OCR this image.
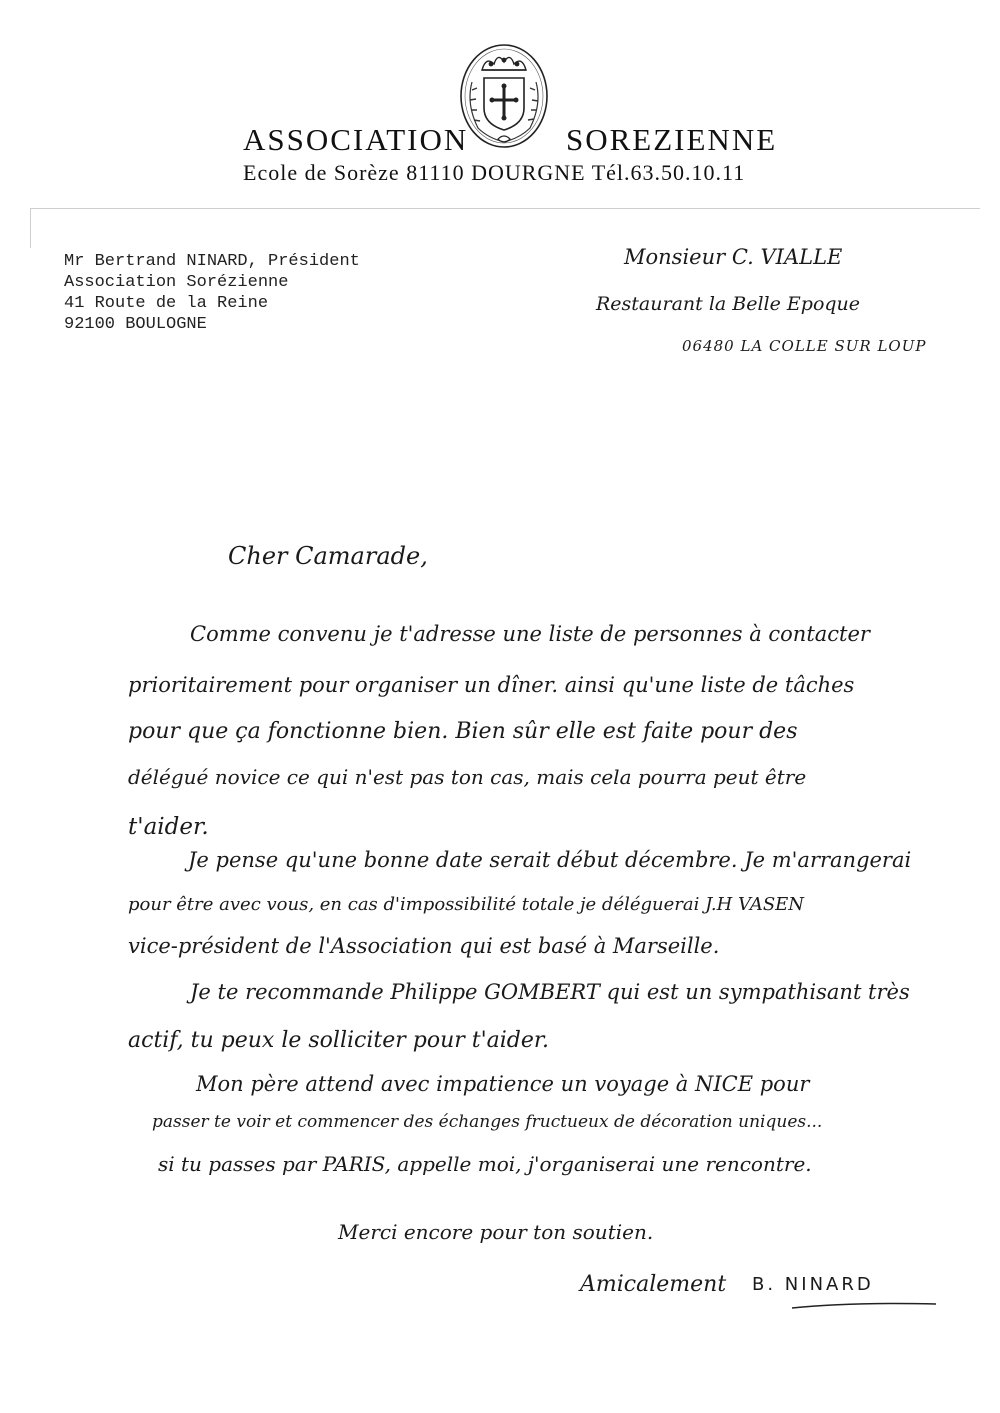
ASSOCIATION	SOREZIENNE
Ecole de Sorèze 81110 DOURGNE Tél.63.50.10.11
Mr Bertrand NINARD, Président
Association Sorézienne
41 Route de la Reine
92100 BOULOGNE
Monsieur C. VIALLE
Restaurant la Belle Epoque
06480 LA COLLE SUR LOUP
Cher Camarade,
Comme convenu je t'adresse une liste de personnes à contacter
prioritairement pour organiser un dîner. ainsi qu'une liste de tâches
pour que ça fonctionne bien. Bien sûr elle est faite pour des
délégué novice ce qui n'est pas ton cas, mais cela pourra peut être
t'aider.
Je pense qu'une bonne date serait début décembre. Je m'arrangerai
pour être avec vous, en cas d'impossibilité totale je déléguerai J.H VASEN
vice-président de l'Association qui est basé à Marseille.
Je te recommande Philippe GOMBERT qui est un sympathisant très
actif, tu peux le solliciter pour t'aider.
Mon père attend avec impatience un voyage à NICE pour
passer te voir et commencer des échanges fructueux de décoration uniques...
si tu passes par PARIS, appelle moi, j'organiserai une rencontre.
Merci encore pour ton soutien.
Amicalement B. NINARD
